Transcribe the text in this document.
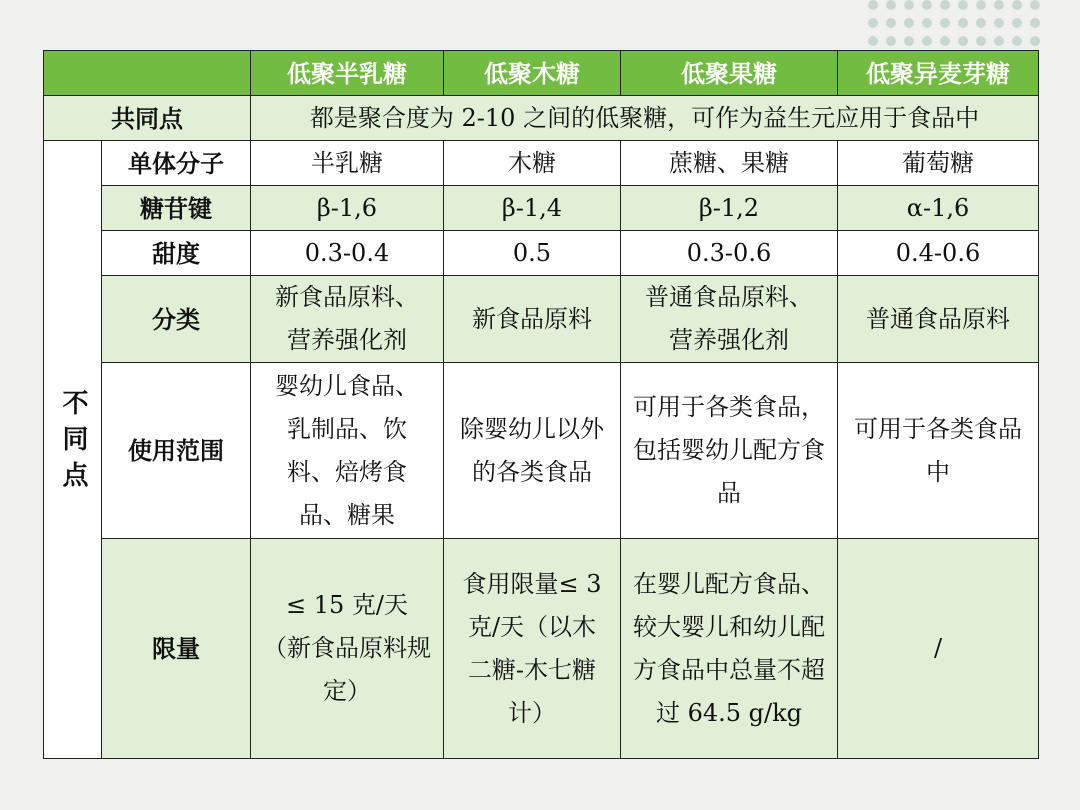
		低聚半乳糖	低聚木糖	低聚果糖	低聚异麦芽糖
共同点		都是聚合度为 2-10 之间的低聚糖，可作为益生元应用于食品中			
不同点	单体分子	半乳糖	木糖	蔗糖、果糖	葡萄糖
	糖苷键	β-1,6	β-1,4	β-1,2	α-1,6
	甜度	0.3-0.4	0.5	0.3-0.6	0.4-0.6
	分类	新食品原料、营养强化剂	新食品原料	普通食品原料、营养强化剂	普通食品原料
	使用范围	婴幼儿食品、乳制品、饮料、焙烤食品、糖果	除婴幼儿以外的各类食品	可用于各类食品，包括婴幼儿配方食品	可用于各类食品中
	限量	≤ 15 克/天（新食品原料规定）	食用限量≤ 3 克/天（以木二糖-木七糖计）	在婴儿配方食品、较大婴儿和幼儿配方食品中总量不超过 64.5 g/kg	/
